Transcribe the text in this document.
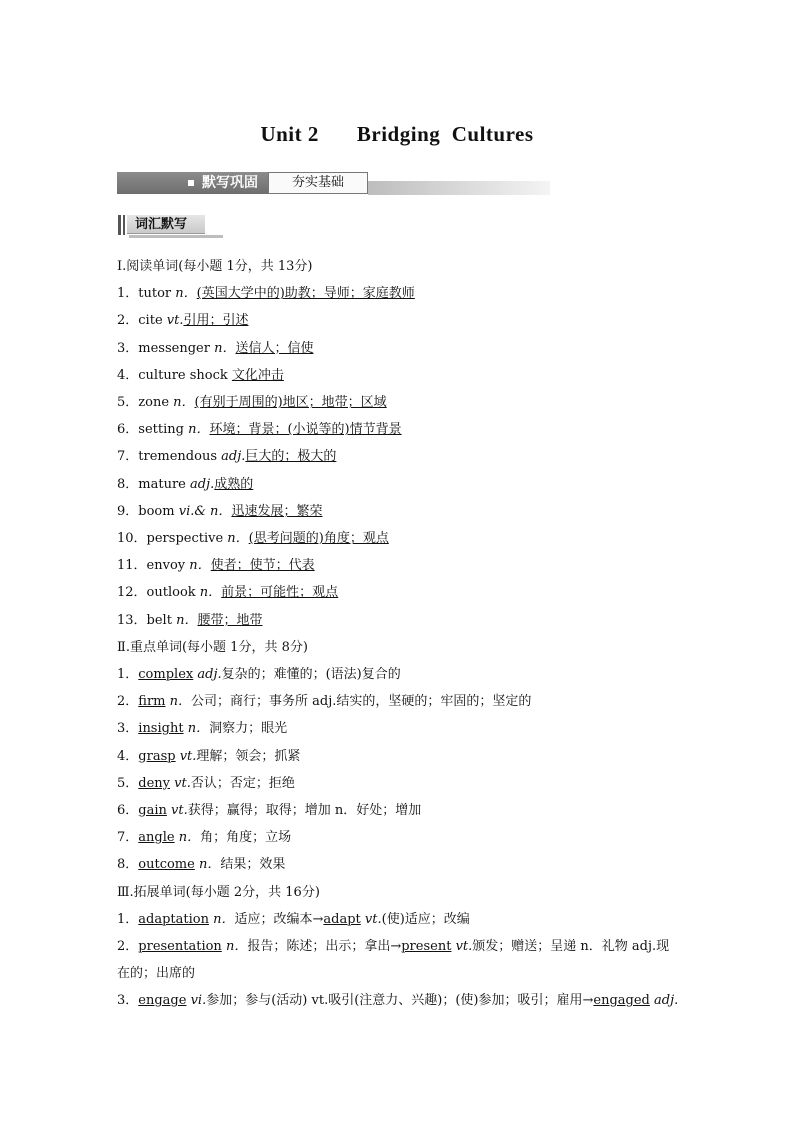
Unit 2 Bridging  Cultures
默写巩固	夯实基础
词汇默写
Ⅰ.阅读单词(每小题 1分，共 13分)
1．tutor n．(英国大学中的)助教；导师；家庭教师
2．cite vt.引用；引述
3．messenger n．送信人；信使
4．culture shock 文化冲击
5．zone n．(有别于周围的)地区；地带；区域
6．setting n．环境；背景；(小说等的)情节背景
7．tremendous adj.巨大的；极大的
8．mature adj.成熟的
9．boom vi.& n．迅速发展；繁荣
10．perspective n．(思考问题的)角度；观点
11．envoy n．使者；使节；代表
12．outlook n．前景；可能性；观点
13．belt n．腰带；地带
Ⅱ.重点单词(每小题 1分，共 8分)
1．complex adj.复杂的；难懂的；(语法)复合的
2．firm n．公司；商行；事务所 adj.结实的，坚硬的；牢固的；坚定的
3．insight n．洞察力；眼光
4．grasp vt.理解；领会；抓紧
5．deny vt.否认；否定；拒绝
6．gain vt.获得；赢得；取得；增加 n．好处；增加
7．angle n．角；角度；立场
8．outcome n．结果；效果
Ⅲ.拓展单词(每小题 2分，共 16分)
1．adaptation n．适应；改编本→adapt vt.(使)适应；改编
2．presentation n．报告；陈述；出示；拿出→present vt.颁发；赠送；呈递 n．礼物 adj.现在的；出席的
3．engage vi.参加；参与(活动) vt.吸引(注意力、兴趣)；(使)参加；吸引；雇用→engaged adj.
